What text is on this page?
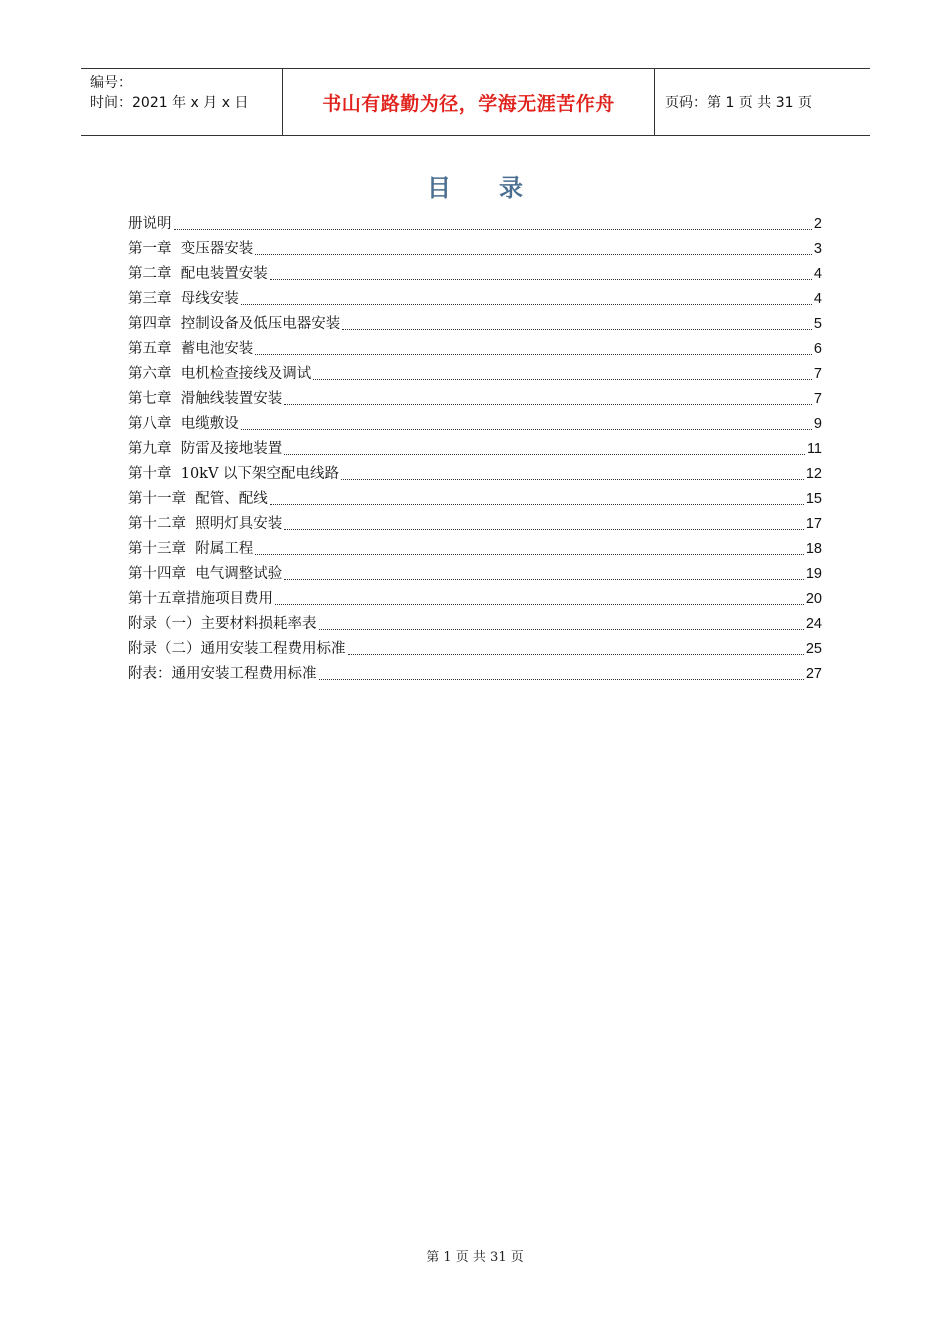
编号：
时间：2021 年 x 月 x 日	书山有路勤为径，学海无涯苦作舟	页码：第 1 页 共 31 页
目 录
册说明	2
第一章  变压器安装	3
第二章  配电装置安装	4
第三章  母线安装	4
第四章  控制设备及低压电器安装	5
第五章  蓄电池安装	6
第六章  电机检查接线及调试	7
第七章  滑触线装置安装	7
第八章  电缆敷设	9
第九章  防雷及接地装置	11
第十章  10kV 以下架空配电线路	12
第十一章  配管、配线	15
第十二章  照明灯具安装	17
第十三章  附属工程	18
第十四章  电气调整试验	19
第十五章措施项目费用	20
附录（一）主要材料损耗率表	24
附录（二）通用安装工程费用标准	25
附表：通用安装工程费用标准	27
第 1 页 共 31 页
